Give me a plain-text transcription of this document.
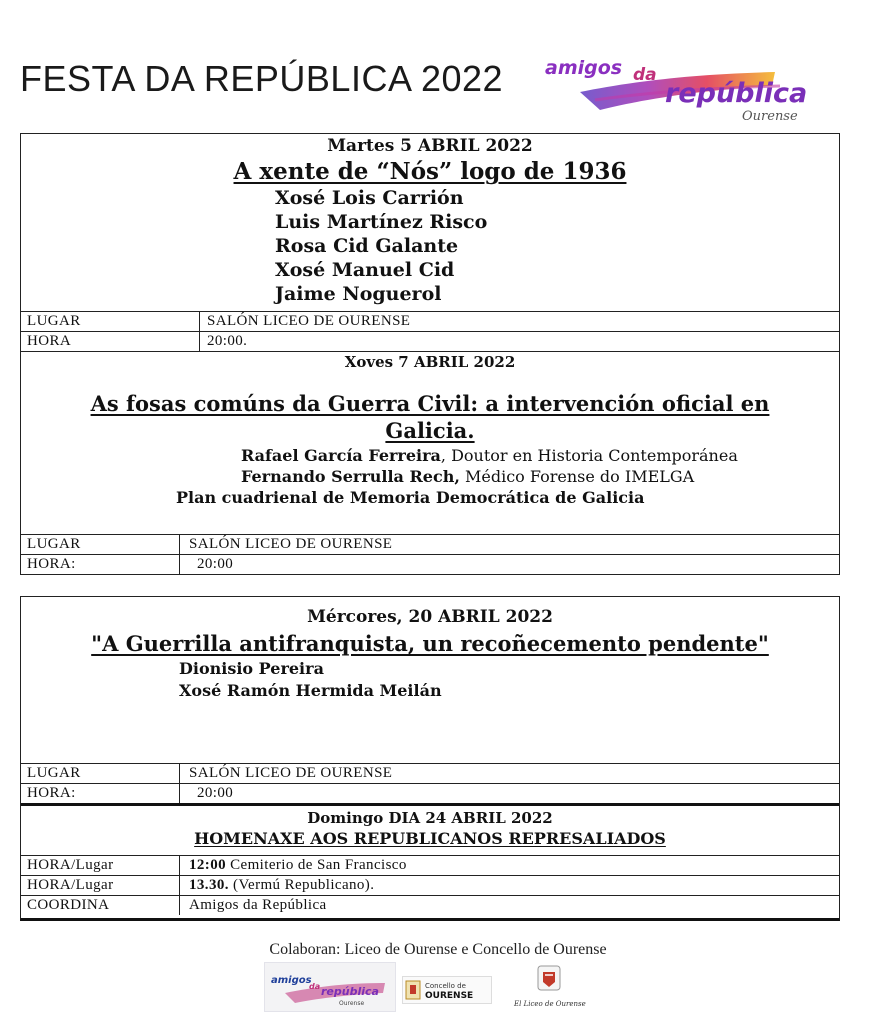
FESTA DA REPÚBLICA 2022 amigos da
república
Ourense
Martes 5 ABRIL 2022
A xente de “Nós” logo de 1936
Xosé Lois Carrión
Luis Martínez Risco
Rosa Cid Galante
Xosé Manuel Cid
Jaime Noguerol
LUGAR	SALÓN LICEO DE OURENSE
HORA	20:00.
Xoves 7 ABRIL 2022
As fosas comúns da Guerra Civil: a intervención oficial en
Galicia.
Rafael García Ferreira, Doutor en Historia Contemporánea
Fernando Serrulla Rech, Médico Forense do IMELGA
Plan cuadrienal de Memoria Democrática de Galicia
LUGAR	SALÓN LICEO DE OURENSE
HORA:	20:00
Mércores, 20 ABRIL 2022
"A Guerrilla antifranquista, un recoñecemento pendente"
Dionisio Pereira
Xosé Ramón Hermida Meilán
LUGAR	SALÓN LICEO DE OURENSE
HORA:	20:00
Domingo DIA 24 ABRIL 2022
HOMENAXE AOS REPUBLICANOS REPRESALIADOS
HORA/Lugar	12:00 Cemiterio de San Francisco
HORA/Lugar	13.30. (Vermú Republicano).
COORDINA	Amigos da República
Colaboran: Liceo de Ourense e Concello de Ourense
amigos
da república
Ourense
Concello de
OURENSE
El Liceo de Ourense
